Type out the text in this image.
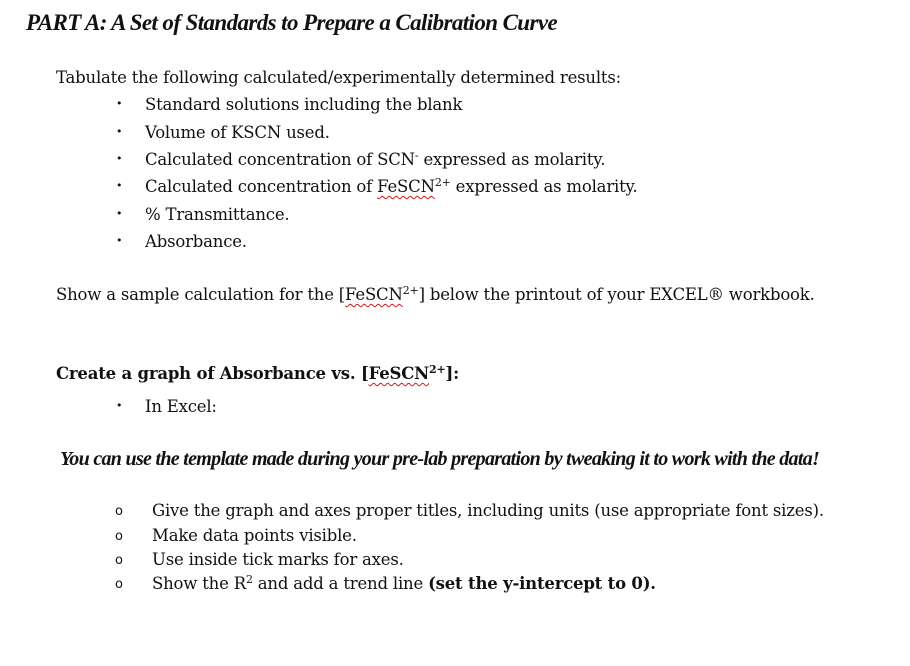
PART A: A Set of Standards to Prepare a Calibration Curve
Tabulate the following calculated/experimentally determined results:
• Standard solutions including the blank
• Volume of KSCN used.
• Calculated concentration of SCN- expressed as molarity.
• Calculated concentration of FeSCN$^{2+}$ expressed as molarity.
• % Transmittance.
• Absorbance.
Show a sample calculation for the [FeSCN$^{2+}$] below the printout of your EXCEL® workbook.
Create a graph of Absorbance vs. [FeSCN$^{2+}$]:
• In Excel:
You can use the template made during your pre-lab preparation by tweaking it to work with the data!
o Give the graph and axes proper titles, including units (use appropriate font sizes).
o Make data points visible.
o Use inside tick marks for axes.
o Show the $R^2$ and add a trend line (set the y-intercept to 0).
